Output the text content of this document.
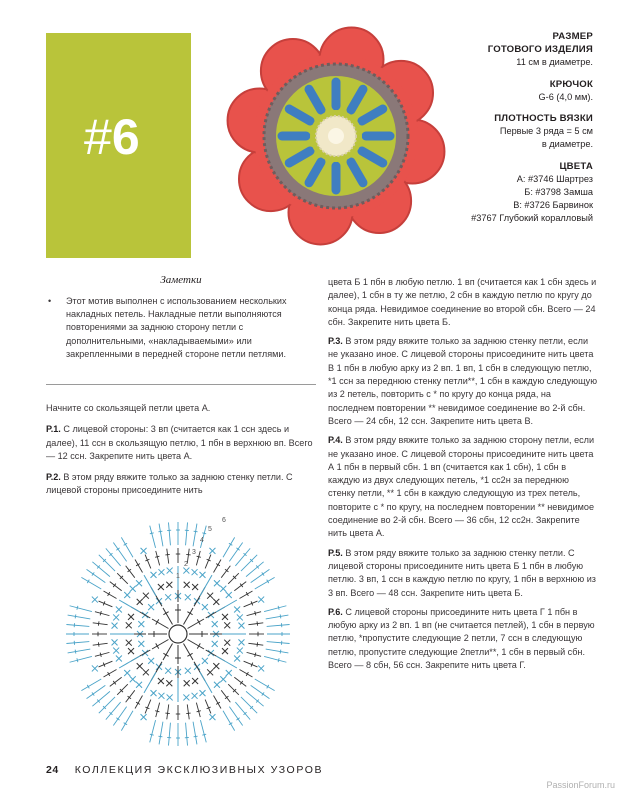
#6
РАЗМЕР
ГОТОВОГО ИЗДЕЛИЯ
11 см в диаметре.
КРЮЧОК
G-6 (4,0 мм).
ПЛОТНОСТЬ ВЯЗКИ
Первые 3 ряда = 5 см
в диаметре.
ЦВЕТА
А: #3746 Шартрез
Б: #3798 Замша
В: #3726 Барвинок
#3767 Глубокий коралловый
Заметки
• Этот мотив выполнен с использованием нескольких накладных петель. Накладные петли выполняются повторениями за заднюю сторону петли с дополнительными, «накладываемыми» или закрепленными в передней стороне петли петлями.

Начните со скользящей петли цвета А.

Р.1. С лицевой стороны: 3 вп (считается как 1 ссн здесь и далее), 11 ссн в скользящую петлю, 1 пбн в верхнюю вп. Всего — 12 ссн. Закрепите нить цвета А.

Р.2. В этом ряду вяжите только за заднюю стенку петли. С лицевой стороны присоедините нить

цвета Б 1 пбн в любую петлю. 1 вп (считается как 1 сбн здесь и далее), 1 сбн в ту же петлю, 2 сбн в каждую петлю по кругу до конца ряда. Невидимое соединение во второй сбн. Всего — 24 сбн. Закрепите нить цвета Б.

Р.3. В этом ряду вяжите только за заднюю стенку петли, если не указано иное. С лицевой стороны присоедините нить цвета В 1 пбн в любую арку из 2 вп. 1 вп, 1 сбн в следующую петлю, *1 ссн за переднюю стенку петли**, 1 сбн в каждую следующую из 2 петель, повторить с * по кругу до конца ряда, на последнем повторении ** невидимое соединение во 2-й сбн. Всего — 24 сбн, 12 ссн. Закрепите нить цвета В.

Р.4. В этом ряду вяжите только за заднюю сторону петли, если не указано иное. С лицевой стороны присоедините нить цвета А 1 пбн в первый сбн. 1 вп (считается как 1 сбн), 1 сбн в каждую из двух следующих петель, *1 сс2н за переднюю стенку петли, ** 1 сбн в каждую следующую из трех петель, повторите с * по кругу, на последнем повторении ** невидимое соединение во 2-й сбн. Всего — 36 сбн, 12 сс2н. Закрепите нить цвета А.

Р.5. В этом ряду вяжите только за заднюю стенку петли. С лицевой стороны присоедините нить цвета Б 1 пбн в любую петлю. 3 вп, 1 ссн в каждую петлю по кругу, 1 пбн в верхнюю из 3 вп. Всего — 48 ссн. Закрепите нить цвета Б.

Р.6. С лицевой стороны присоедините нить цвета Г 1 пбн в любую арку из 2 вп. 1 вп (не считается петлей), 1 сбн в первую петлю, *пропустите следующие 2 петли, 7 ссн в следующую петлю, пропустите следующие 2петли**, 1 сбн в первый сбн. Всего — 8 сбн, 56 ссн. Закрепите нить цвета Г.

1
2
3
4
5
6
24 КОЛЛЕКЦИЯ ЭКСКЛЮЗИВНЫХ УЗОРОВ
PassionForum.ru
